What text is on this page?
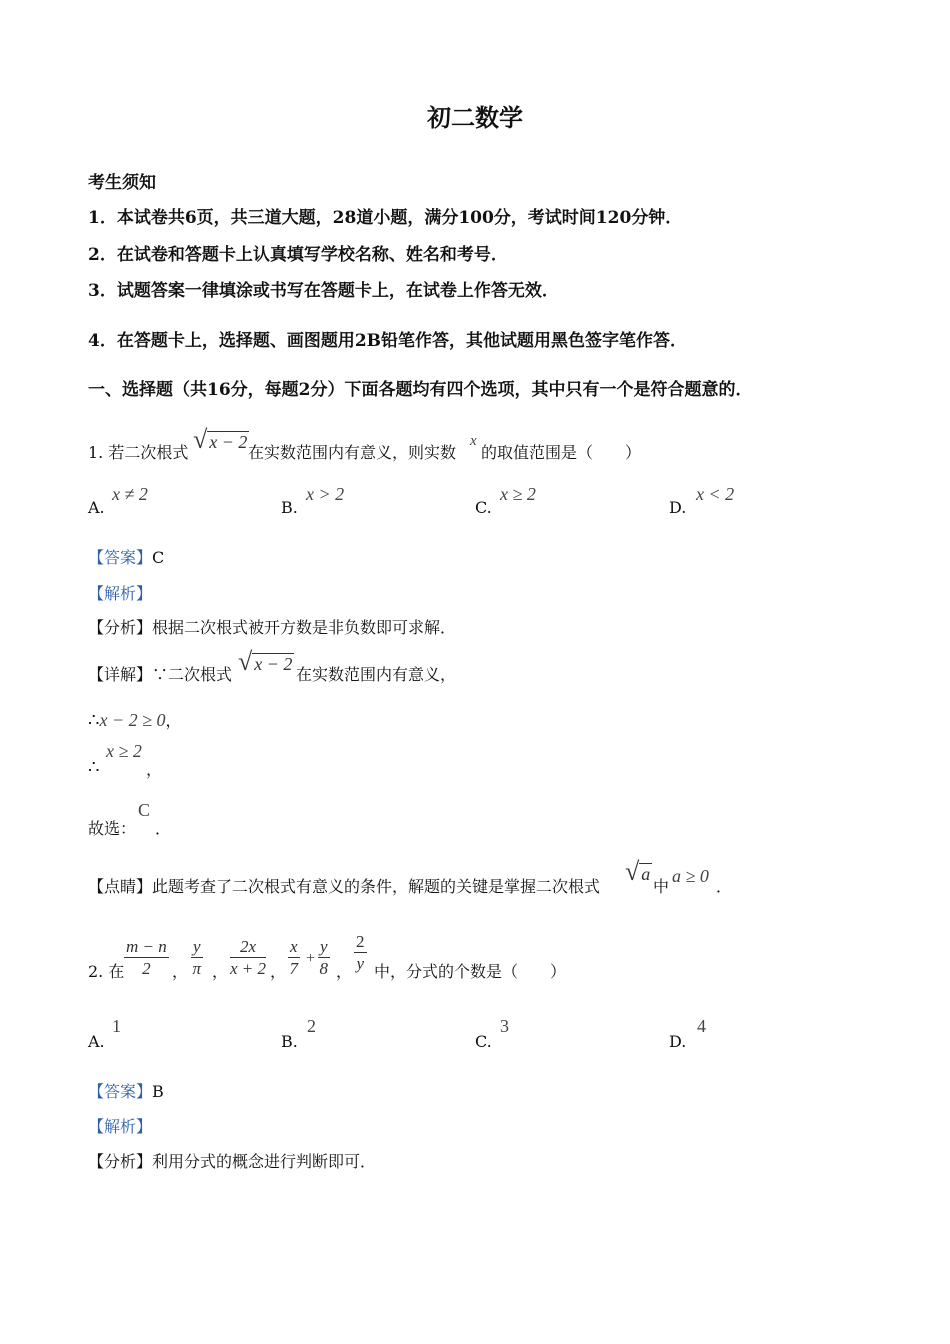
初二数学
考生须知
1．本试卷共6页，共三道大题，28道小题，满分100分，考试时间120分钟．
2．在试卷和答题卡上认真填写学校名称、姓名和考号．
3．试题答案一律填涂或书写在答题卡上，在试卷上作答无效．
4．在答题卡上，选择题、画图题用2B铅笔作答，其他试题用黑色签字笔作答．
一、选择题（共16分，每题2分）下面各题均有四个选项，其中只有一个是符合题意的．
1. 若二次根式 √ x − 2
在实数范围内有意义，则实数
x
的取值范围是（　　）
A.
x ≠ 2
B.
x > 2
C.
x ≥ 2
D.
x < 2
【答案】C
【解析】
【分析】根据二次根式被开方数是非负数即可求解．
【详解】∵二次根式 √ x − 2
在实数范围内有意义，
∴x − 2 ≥ 0，
∴
x ≥ 2
，
故选：
C
．
【点睛】此题考查了二次根式有意义的条件，解题的关键是掌握二次根式
√ a
中
a ≥ 0
．
2. 在 $\frac{m - n}{2}$ ， $\frac{y}{\pi}$ ， $\frac{2x}{x + 2}$ ， $\frac{x}{7} + \frac{y}{8}$ ， $\frac{2}{y}$ 中，分式的个数是（　　）
A.
1
B.
2
C.
3
D.
4
【答案】B
【解析】
【分析】利用分式的概念进行判断即可．
